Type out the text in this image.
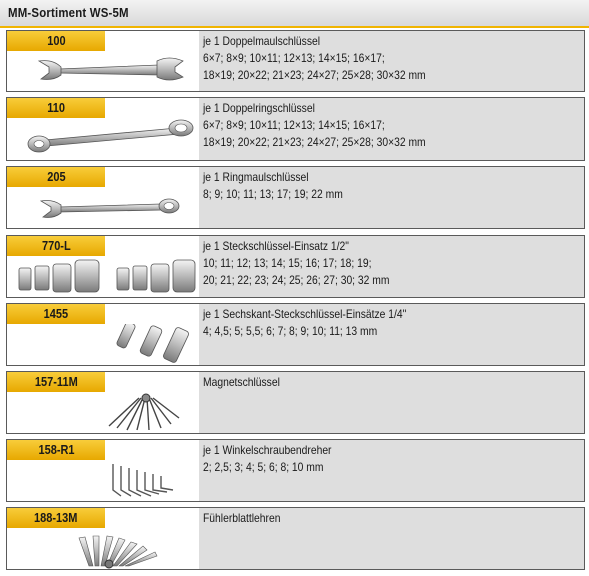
MM-Sortiment WS-5M
100	je 1 Doppelmaulschlüssel
6×7; 8×9; 10×11; 12×13; 14×15; 16×17;
18×19; 20×22; 21×23; 24×27; 25×28; 30×32 mm
110	je 1 Doppelringschlüssel
6×7; 8×9; 10×11; 12×13; 14×15; 16×17;
18×19; 20×22; 21×23; 24×27; 25×28; 30×32 mm
205	je 1 Ringmaulschlüssel
8; 9; 10; 11; 13; 17; 19; 22 mm
770-L	je 1 Steckschlüssel-Einsatz 1/2"
10; 11; 12; 13; 14; 15; 16; 17; 18; 19;
20; 21; 22; 23; 24; 25; 26; 27; 30; 32 mm
1455	je 1 Sechskant-Steckschlüssel-Einsätze 1/4"
4; 4,5; 5; 5,5; 6; 7; 8; 9; 10; 11; 13 mm
157-11M	Magnetschlüssel
158-R1	je 1 Winkelschraubendreher
2; 2,5; 3; 4; 5; 6; 8; 10 mm
188-13M	Fühlerblattlehren
